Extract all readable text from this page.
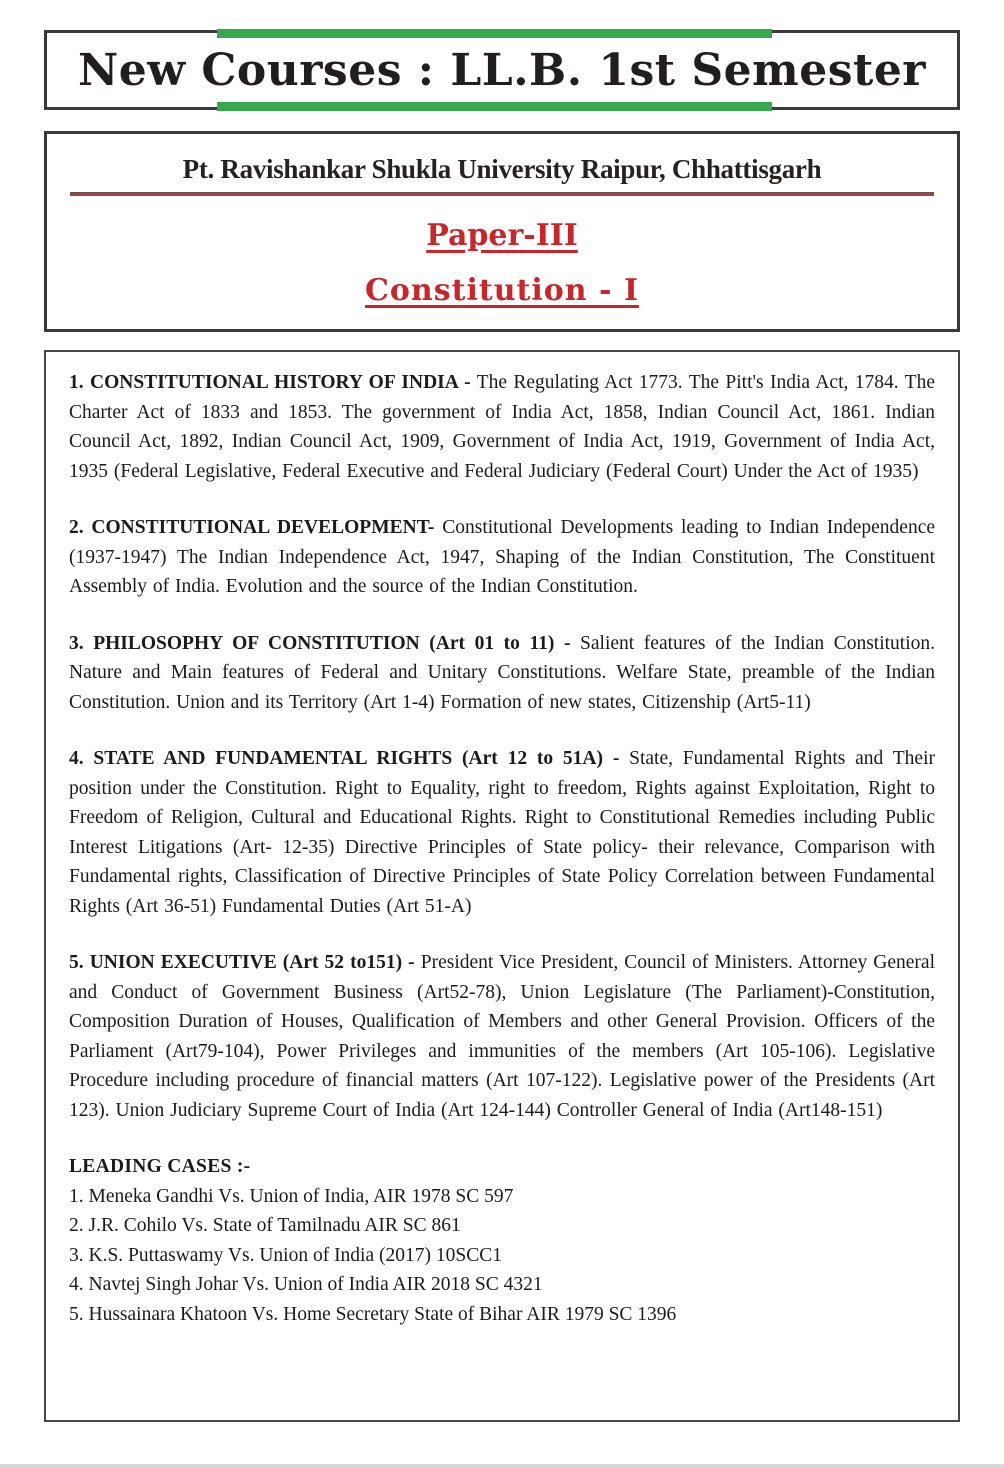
New Courses : LL.B. 1st Semester
Pt. Ravishankar Shukla University Raipur, Chhattisgarh
Paper-III
Constitution - I

1. CONSTITUTIONAL HISTORY OF INDIA - The Regulating Act 1773. The Pitt's India Act, 1784. The Charter Act of 1833 and 1853. The government of India Act, 1858, Indian Council Act, 1861. Indian Council Act, 1892, Indian Council Act, 1909, Government of India Act, 1919, Government of India Act, 1935 (Federal Legislative, Federal Executive and Federal Judiciary (Federal Court) Under the Act of 1935)

2. CONSTITUTIONAL DEVELOPMENT- Constitutional Developments leading to Indian Independence (1937-1947) The Indian Independence Act, 1947, Shaping of the Indian Constitution, The Constituent Assembly of India. Evolution and the source of the Indian Constitution.

3. PHILOSOPHY OF CONSTITUTION (Art 01 to 11) - Salient features of the Indian Constitution. Nature and Main features of Federal and Unitary Constitutions. Welfare State, preamble of the Indian Constitution. Union and its Territory (Art 1-4) Formation of new states, Citizenship (Art5-11)

4. STATE AND FUNDAMENTAL RIGHTS (Art 12 to 51A) - State, Fundamental Rights and Their position under the Constitution. Right to Equality, right to freedom, Rights against Exploitation, Right to Freedom of Religion, Cultural and Educational Rights. Right to Constitutional Remedies including Public Interest Litigations (Art- 12-35) Directive Principles of State policy- their relevance, Comparison with Fundamental rights, Classification of Directive Principles of State Policy Correlation between Fundamental Rights (Art 36-51) Fundamental Duties (Art 51-A)

5. UNION EXECUTIVE (Art 52 to151) - President Vice President, Council of Ministers. Attorney General and Conduct of Government Business (Art52-78), Union Legislature (The Parliament)-Constitution, Composition Duration of Houses, Qualification of Members and other General Provision. Officers of the Parliament (Art79-104), Power Privileges and immunities of the members (Art 105-106). Legislative Procedure including procedure of financial matters (Art 107-122). Legislative power of the Presidents (Art 123). Union Judiciary Supreme Court of India (Art 124-144) Controller General of India (Art148-151)

LEADING CASES :-
1. Meneka Gandhi Vs. Union of India, AIR 1978 SC 597
2. J.R. Cohilo Vs. State of Tamilnadu AIR SC 861
3. K.S. Puttaswamy Vs. Union of India (2017) 10SCC1
4. Navtej Singh Johar Vs. Union of India AIR 2018 SC 4321
5. Hussainara Khatoon Vs. Home Secretary State of Bihar AIR 1979 SC 1396
